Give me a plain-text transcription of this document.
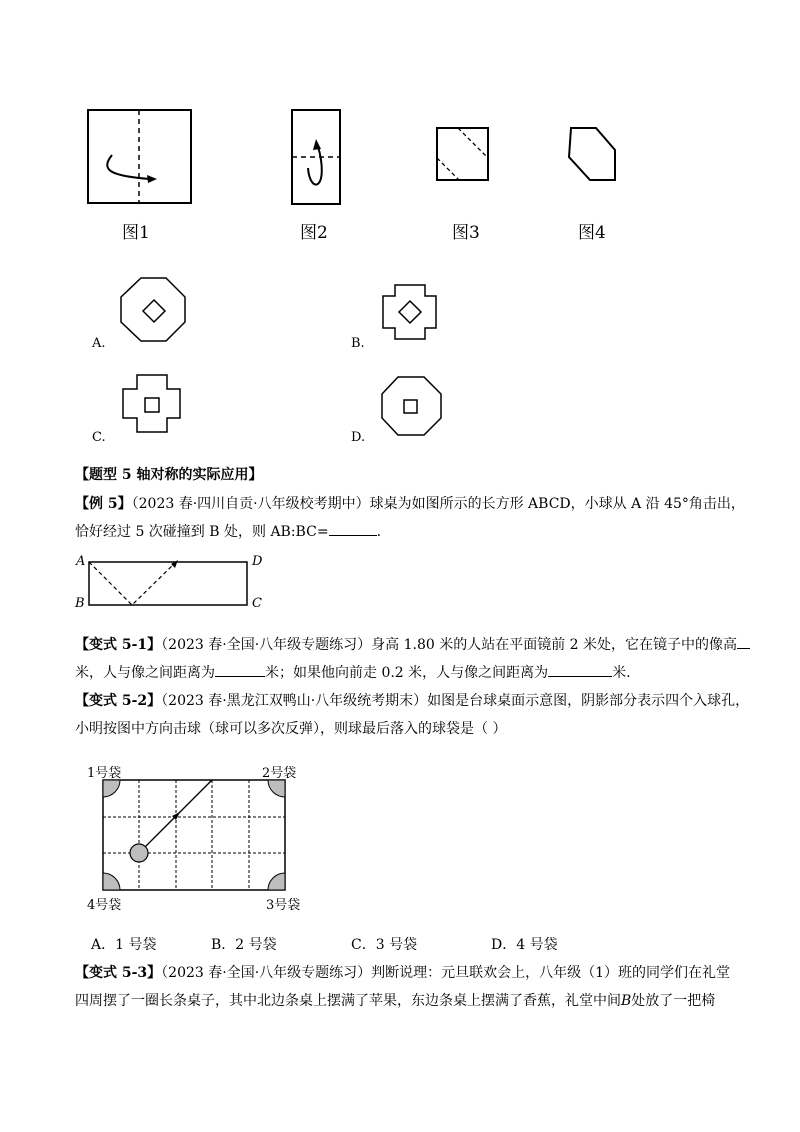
图1	图2	图3	图4
A.	B.
C.	D.
【题型 5 轴对称的实际应用】
【例 5】（2023 春·四川自贡·八年级校考期中）球桌为如图所示的长方形 ABCD，小球从 A 沿 45°角击出，
恰好经过 5 次碰撞到 B 处，则 AB:BC=	.
A
B	C
D
【变式 5-1】（2023 春·全国·八年级专题练习）身高 1.80 米的人站在平面镜前 2 米处，它在镜子中的像高
米，人与像之间距离为	米；如果他向前走 0.2 米，人与像之间距离为	米.
【变式 5-2】（2023 春·黑龙江双鸭山·八年级统考期末）如图是台球桌面示意图，阴影部分表示四个入球孔，
小明按图中方向击球（球可以多次反弹），则球最后落入的球袋是（ ）
1号袋	2号袋
3号袋
4号袋
A．1 号袋	B．2 号袋	C．3 号袋	D．4 号袋
【变式 5-3】（2023 春·全国·八年级专题练习）判断说理：元旦联欢会上，八年级（1）班的同学们在礼堂
四周摆了一圈长条桌子，其中北边条桌上摆满了苹果，东边条桌上摆满了香蕉，礼堂中间B处放了一把椅
